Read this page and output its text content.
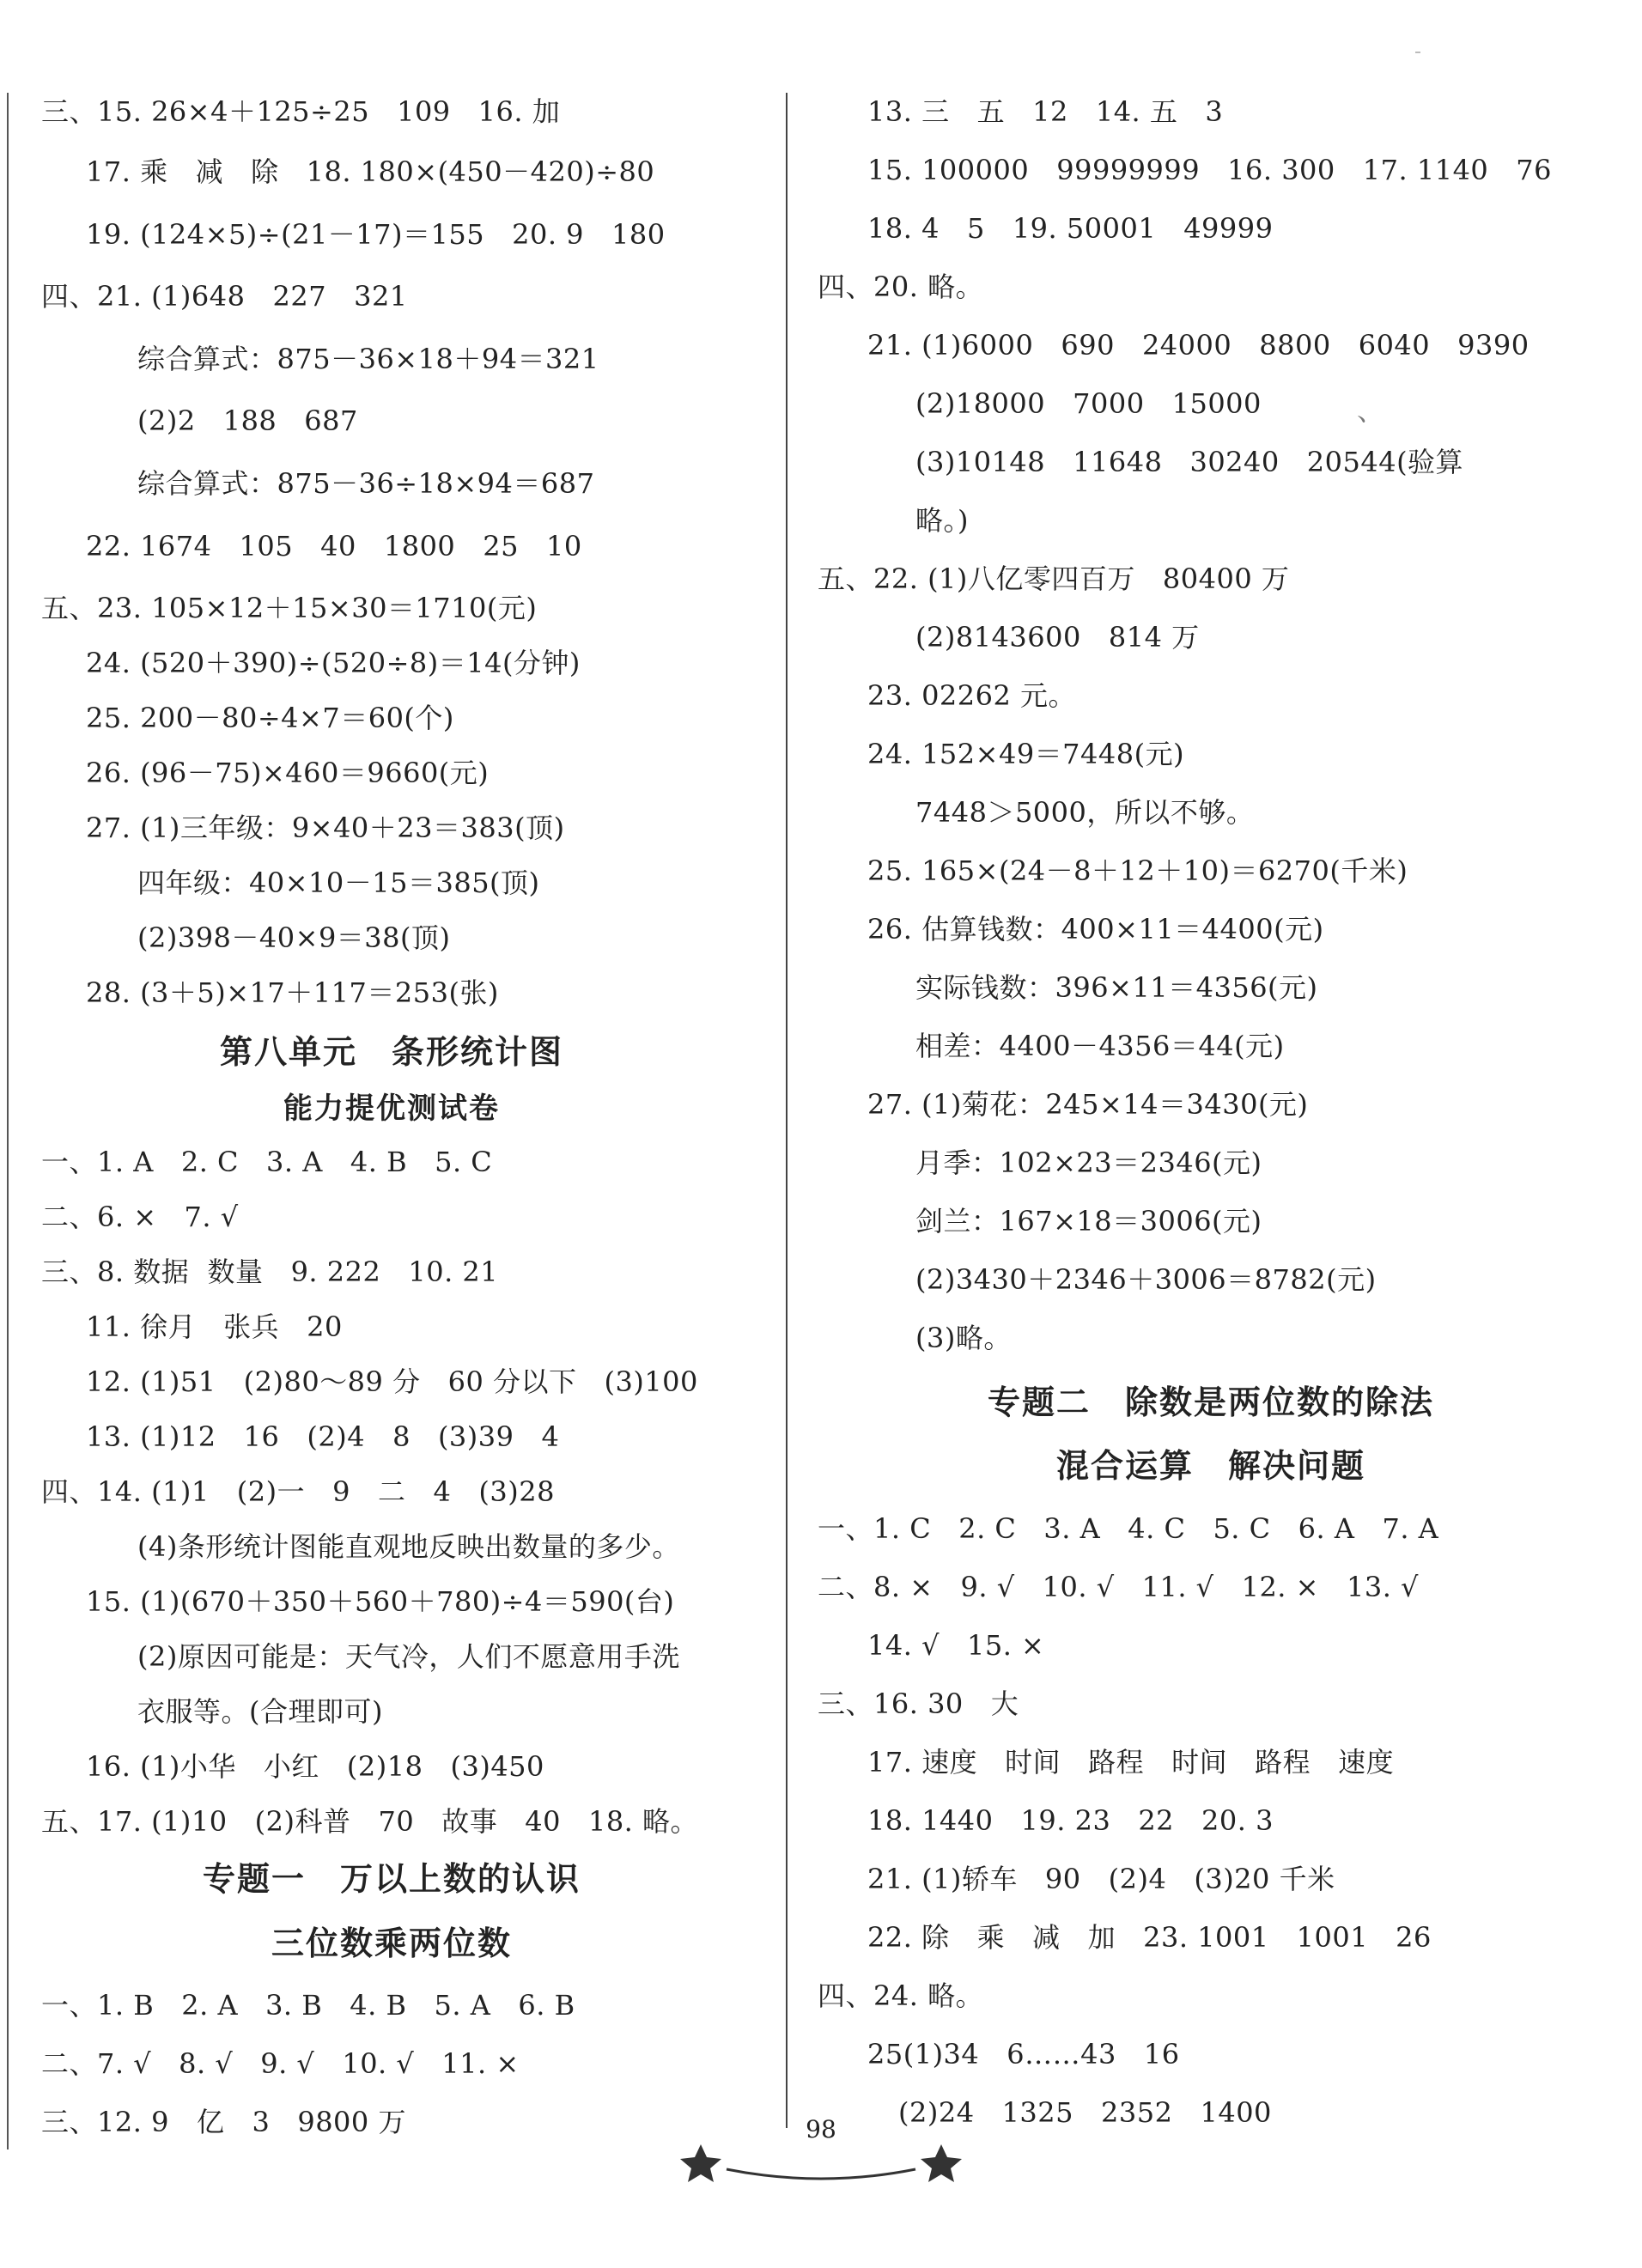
三、15. 26×4＋125÷25   109   16. 加
17. 乘   减   除   18. 180×(450－420)÷80
19. (124×5)÷(21－17)＝155   20. 9   180
四、21. (1)648   227   321
综合算式：875－36×18＋94＝321
(2)2   188   687
综合算式：875－36÷18×94＝687
22. 1674   105   40   1800   25   10
五、23. 105×12＋15×30＝1710(元)
24. (520＋390)÷(520÷8)＝14(分钟)
25. 200－80÷4×7＝60(个)
26. (96－75)×460＝9660(元)
27. (1)三年级：9×40＋23＝383(顶)
四年级：40×10－15＝385(顶)
(2)398－40×9＝38(顶)
28. (3＋5)×17＋117＝253(张)
一、1. A   2. C   3. A   4. B   5. C
二、6. ×   7. √
三、8. 数据  数量   9. 222   10. 21
11. 徐月   张兵   20
12. (1)51   (2)80～89 分   60 分以下   (3)100
13. (1)12   16   (2)4   8   (3)39   4
四、14. (1)1   (2)一   9   二   4   (3)28
(4)条形统计图能直观地反映出数量的多少。
15. (1)(670＋350＋560＋780)÷4＝590(台)
(2)原因可能是：天气冷，人们不愿意用手洗
衣服等。(合理即可)
16. (1)小华   小红   (2)18   (3)450
五、17. (1)10   (2)科普   70   故事   40   18. 略。
一、1. B   2. A   3. B   4. B   5. A   6. B
二、7. √   8. √   9. √   10. √   11. ×
三、12. 9   亿   3   9800 万
第八单元　条形统计图
能力提优测试卷
专题一　万以上数的认识
三位数乘两位数
13. 三   五   12   14. 五   3
15. 100000   99999999   16. 300   17. 1140   76
18. 4   5   19. 50001   49999
四、20. 略。
21. (1)6000   690   24000   8800   6040   9390
(2)18000   7000   15000
(3)10148   11648   30240   20544(验算
略。)
五、22. (1)八亿零四百万   80400 万
(2)8143600   814 万
23. 02262 元。
24. 152×49＝7448(元)
7448＞5000，所以不够。
25. 165×(24－8＋12＋10)＝6270(千米)
26. 估算钱数：400×11＝4400(元)
实际钱数：396×11＝4356(元)
相差：4400－4356＝44(元)
27. (1)菊花：245×14＝3430(元)
月季：102×23＝2346(元)
剑兰：167×18＝3006(元)
(2)3430＋2346＋3006＝8782(元)
(3)略。
一、1. C   2. C   3. A   4. C   5. C   6. A   7. A
二、8. ×   9. √   10. √   11. √   12. ×   13. √
14. √   15. ×
三、16. 30   大
17. 速度   时间   路程   时间   路程   速度
18. 1440   19. 23   22   20. 3
21. (1)轿车   90   (2)4   (3)20 千米
22. 除   乘   减   加   23. 1001   1001   26
四、24. 略。
25(1)34   6……43   16
(2)24   1325   2352   1400
专题二　除数是两位数的除法
混合运算　解决问题
、
98
